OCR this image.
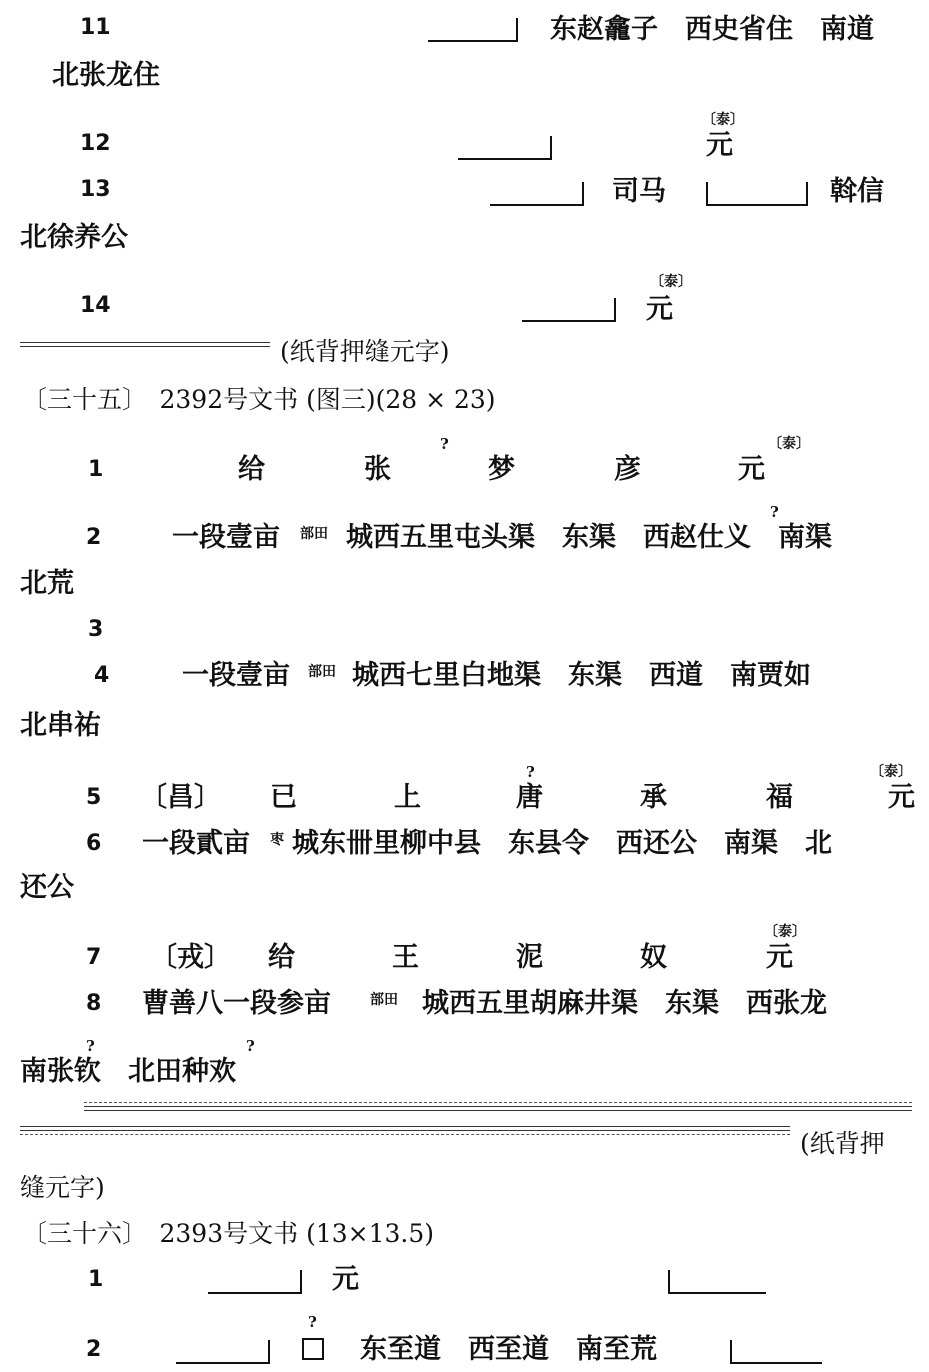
11	东赵龕子　西史省住　南道
北张龙住
12
〔泰〕
元
13	司马	斡信
北徐养公
14
〔泰〕
元
(纸背押缝元字)
〔三十五〕　2392号文书 (图三)(28 × 23)
1	给	张
?
梦	彦
〔泰〕
元
2	一段壹亩 部田 城西五里屯头渠　东渠　西赵仕义　南渠
?
北荒
3
4	一段壹亩 部田 城西七里白地渠　东渠　西道　南贾如
北串祐
5 〔昌〕 已	上
?
唐	承	福
〔泰〕
元
6 一段貳亩 枣 城东卌里柳中县　东县令　西还公　南渠　北
还公
7 〔戎〕 给	王	泥	奴
〔泰〕
元
8 曹善八一段参亩	部田 城西五里胡麻井渠　东渠　西张龙
?	?
南张钦　北田种欢
(纸背押
缝元字)
〔三十六〕　2393号文书 (13×13.5)
1	元
2
?
东至道　西至道　南至荒
